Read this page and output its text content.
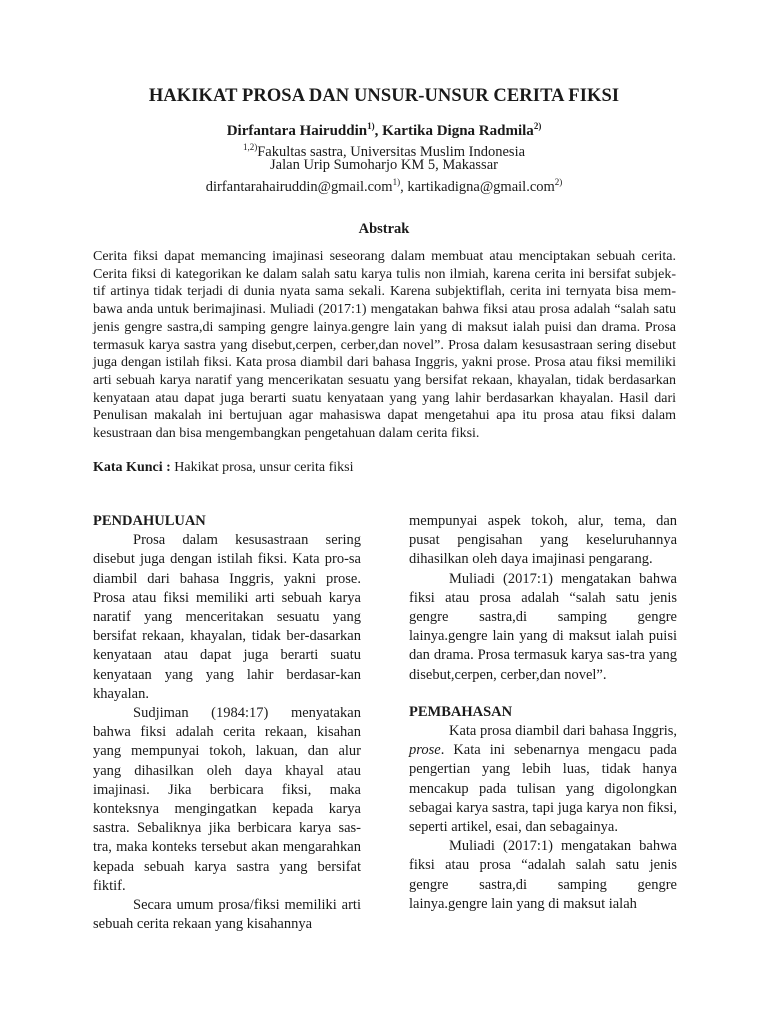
HAKIKAT PROSA DAN UNSUR-UNSUR CERITA FIKSI
Dirfantara Hairuddin$^{1)}$, Kartika Digna Radmila$^{2)}$
$^{1,2)}$Fakultas sastra, Universitas Muslim Indonesia
Jalan Urip Sumoharjo KM 5, Makassar
dirfantarahairuddin@gmail.com$^{1)}$, kartikadigna@gmail.com$^{2)}$
Abstrak
Cerita fiksi dapat memancing imajinasi seseorang dalam membuat atau menciptakan sebuah cerita. Cerita fiksi di kategorikan ke dalam salah satu karya tulis non ilmiah, karena cerita ini bersifat subjek-tif artinya tidak terjadi di dunia nyata sama sekali. Karena subjektiflah, cerita ini ternyata bisa mem-bawa anda untuk berimajinasi. Muliadi (2017:1) mengatakan bahwa fiksi atau prosa adalah “salah satu jenis gengre sastra,di samping gengre lainya.gengre lain yang di maksut ialah puisi dan drama. Prosa termasuk karya sastra yang disebut,cerpen, cerber,dan novel”. Prosa dalam kesusastraan sering disebut juga dengan istilah fiksi. Kata prosa diambil dari bahasa Inggris, yakni prose. Prosa atau fiksi memiliki arti sebuah karya naratif yang mencerikatan sesuatu yang bersifat rekaan, khayalan, tidak berdasarkan kenyataan atau dapat juga berarti suatu kenyataan yang yang lahir berdasarkan khayalan. Hasil dari Penulisan makalah ini bertujuan agar mahasiswa dapat mengetahui apa itu prosa atau fiksi dalam kesustraan dan bisa mengembangkan pengetahuan dalam cerita fiksi.
Kata Kunci : Hakikat prosa, unsur cerita fiksi
PENDAHULUAN

Prosa dalam kesusastraan sering disebut juga dengan istilah fiksi. Kata pro-sa diambil dari bahasa Inggris, yakni prose. Prosa atau fiksi memiliki arti sebuah karya naratif yang menceritakan sesuatu yang bersifat rekaan, khayalan, tidak ber-dasarkan kenyataan atau dapat juga berarti suatu kenyataan yang yang lahir berdasar-kan khayalan.

Sudjiman (1984:17) menyatakan bahwa fiksi adalah cerita rekaan, kisahan yang mempunyai tokoh, lakuan, dan alur yang dihasilkan oleh daya khayal atau imajinasi. Jika berbicara fiksi, maka konteksnya mengingatkan kepada karya sastra. Sebaliknya jika berbicara karya sas-tra, maka konteks tersebut akan mengarahkan kepada sebuah karya sastra yang bersifat fiktif.

Secara umum prosa/fiksi memiliki arti sebuah cerita rekaan yang kisahannya

mempunyai aspek tokoh, alur, tema, dan pusat pengisahan yang keseluruhannya dihasilkan oleh daya imajinasi pengarang.

Muliadi (2017:1) mengatakan bahwa fiksi atau prosa adalah “salah satu jenis gengre sastra,di samping gengre lainya.gengre lain yang di maksut ialah puisi dan drama. Prosa termasuk karya sas-tra yang disebut,cerpen, cerber,dan novel”.

PEMBAHASAN

Kata prosa diambil dari bahasa Inggris, prose. Kata ini sebenarnya mengacu pada pengertian yang lebih luas, tidak hanya mencakup pada tulisan yang digolongkan sebagai karya sastra, tapi juga karya non fiksi, seperti artikel, esai, dan sebagainya.

Muliadi (2017:1) mengatakan bahwa fiksi atau prosa “adalah salah satu jenis gengre sastra,di samping gengre lainya.gengre lain yang di maksut ialah
